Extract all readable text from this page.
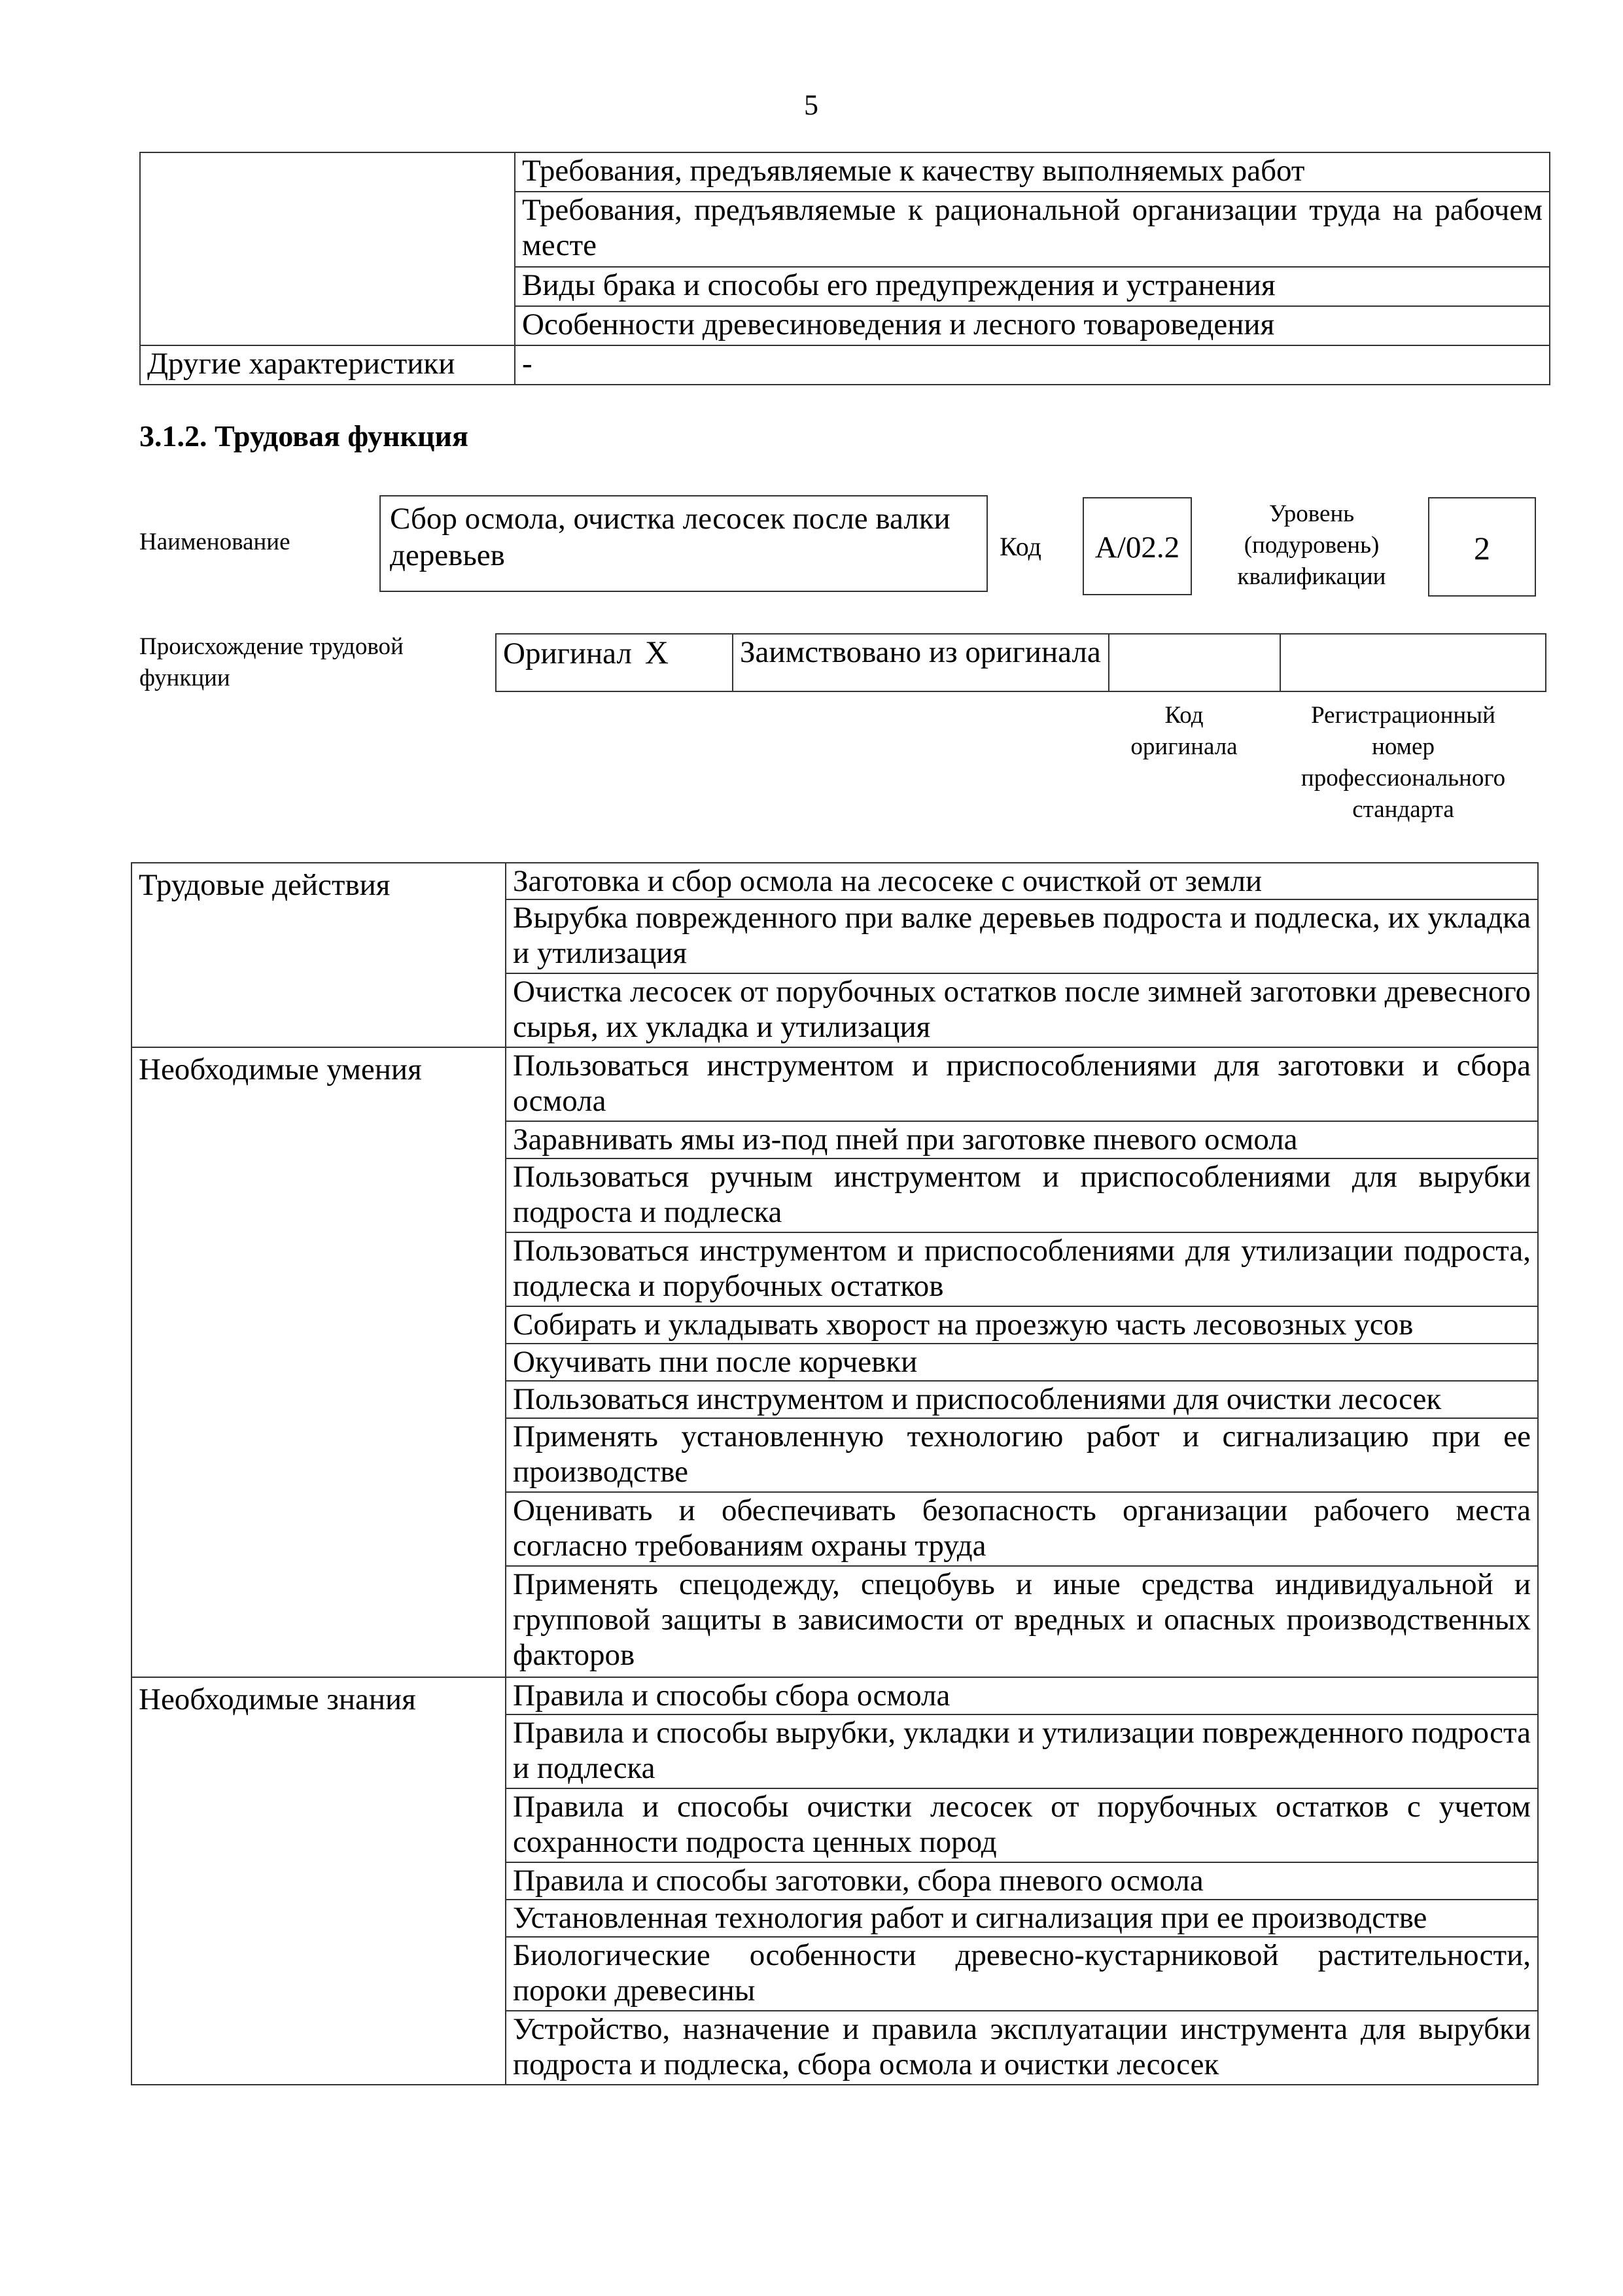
5
	Требования, предъявляемые к качеству выполняемых работ
	Требования, предъявляемые к рациональной организации труда на рабочем месте
	Виды брака и способы его предупреждения и устранения
	Особенности древесиноведения и лесного товароведения
Другие характеристики	-
3.1.2. Трудовая функция
Наименование
Сбор осмола, очистка лесосек после валки деревьев	Код	A/02.2
Уровень
(подуровень)
квалификации
2
Происхождение трудовой
функции
Оригинал X	Заимствовано из оригинала		
Код
оригинала
Регистрационный
номер
профессионального
стандарта
Трудовые действия	Заготовка и сбор осмола на лесосеке с очисткой от земли
	Вырубка поврежденного при валке деревьев подроста и подлеска, их укладка и утилизация
	Очистка лесосек от порубочных остатков после зимней заготовки древесного сырья, их укладка и утилизация
Необходимые умения	Пользоваться инструментом и приспособлениями для заготовки и сбора осмола
	Заравнивать ямы из-под пней при заготовке пневого осмола
	Пользоваться ручным инструментом и приспособлениями для вырубки подроста и подлеска
	Пользоваться инструментом и приспособлениями для утилизации подроста, подлеска и порубочных остатков
	Собирать и укладывать хворост на проезжую часть лесовозных усов
	Окучивать пни после корчевки
	Пользоваться инструментом и приспособлениями для очистки лесосек
	Применять установленную технологию работ и сигнализацию при ее производстве
	Оценивать и обеспечивать безопасность организации рабочего места согласно требованиям охраны труда
	Применять спецодежду, спецобувь и иные средства индивидуальной и групповой защиты в зависимости от вредных и опасных производственных факторов
Необходимые знания	Правила и способы сбора осмола
	Правила и способы вырубки, укладки и утилизации поврежденного подроста и подлеска
	Правила и способы очистки лесосек от порубочных остатков с учетом сохранности подроста ценных пород
	Правила и способы заготовки, сбора пневого осмола
	Установленная технология работ и сигнализация при ее производстве
	Биологические особенности древесно-кустарниковой растительности, пороки древесины
	Устройство, назначение и правила эксплуатации инструмента для вырубки подроста и подлеска, сбора осмола и очистки лесосек
